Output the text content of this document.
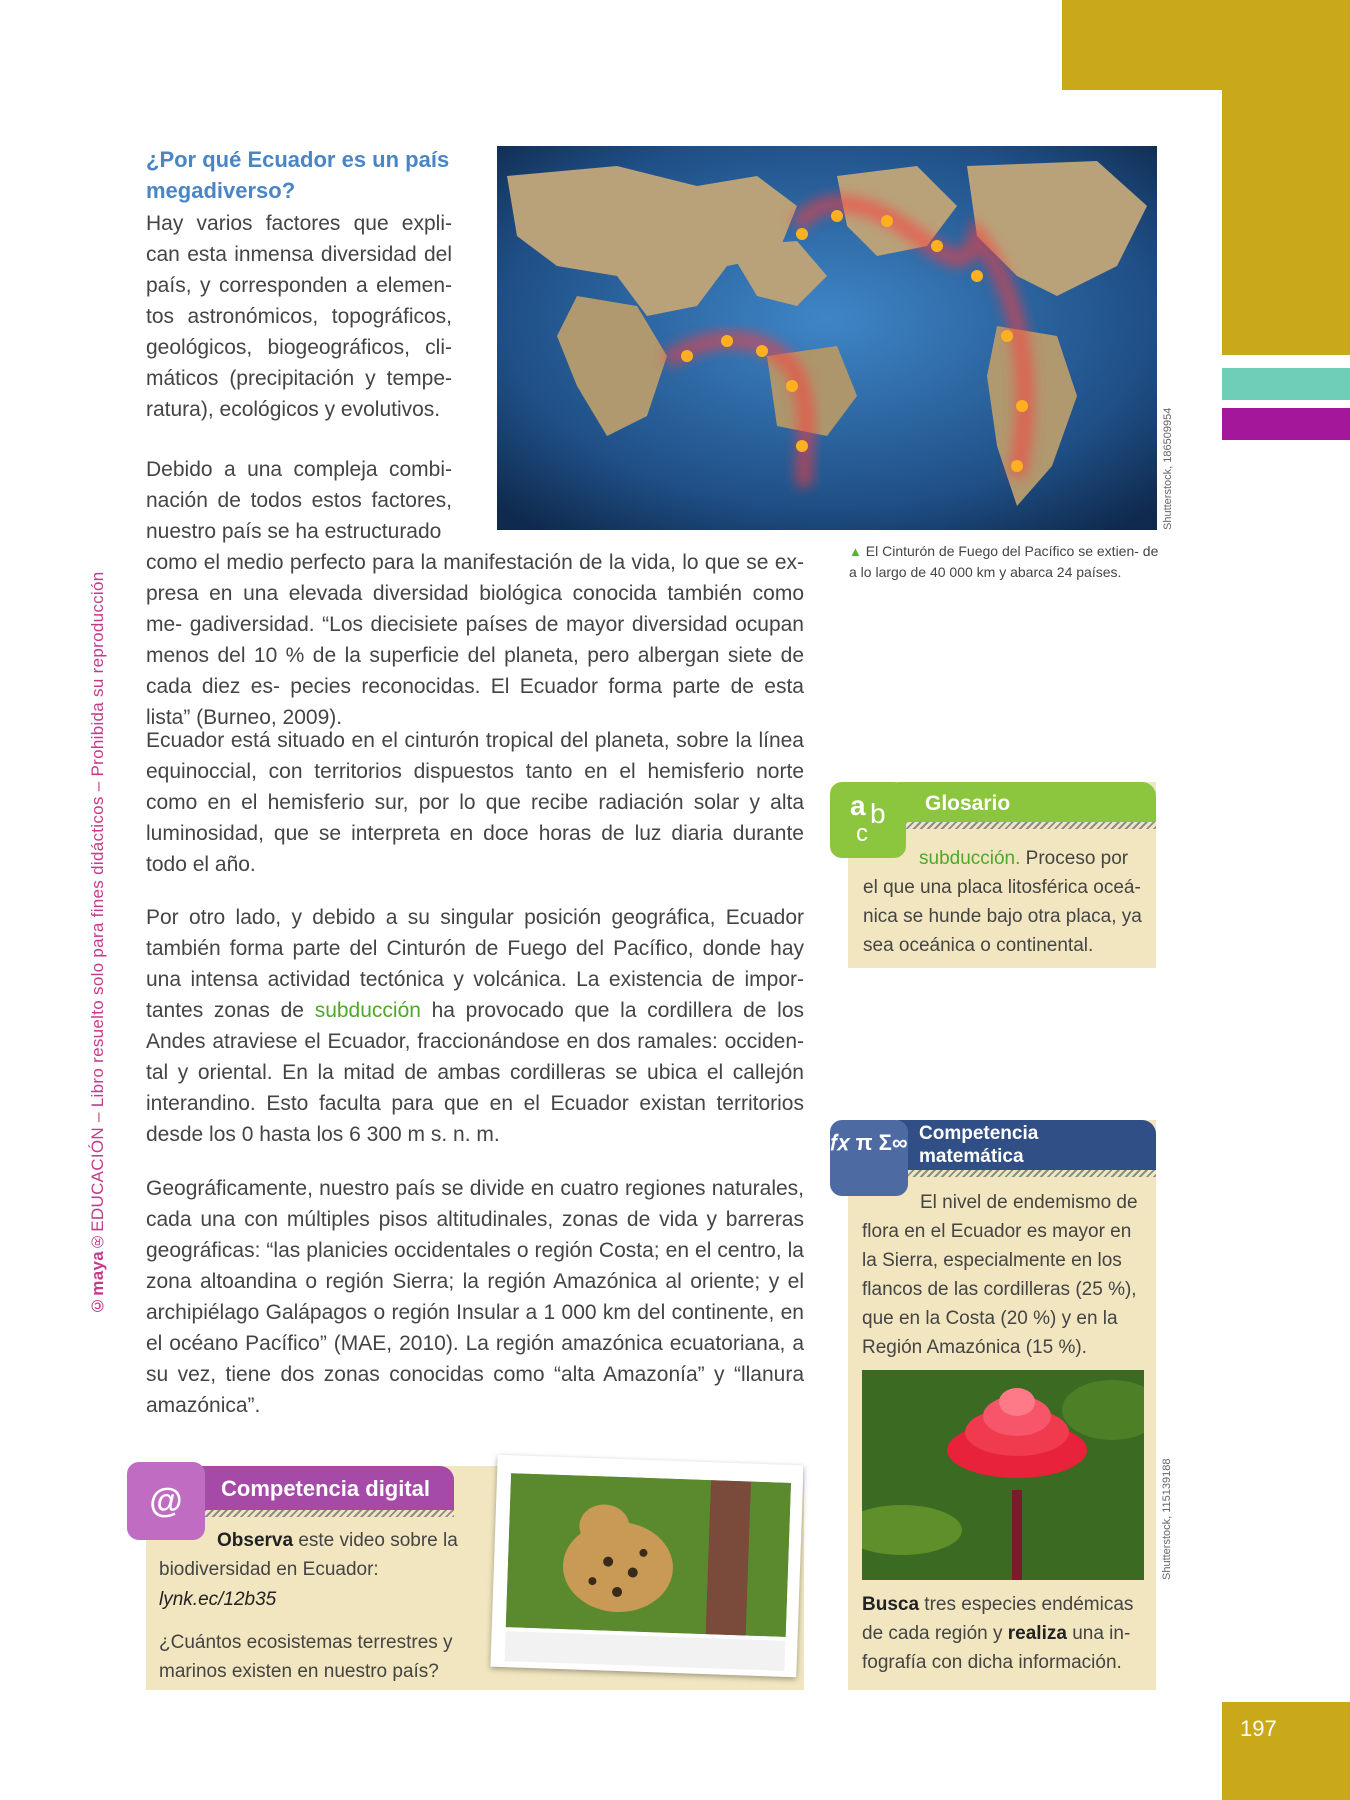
197
©maya®EDUCACIÓN – Libro resuelto solo para fines didácticos – Prohibida su reproducción
¿Por qué Ecuador es un país
megadiverso?

Hay varios factores que expli- can esta inmensa diversidad del país, y corresponden a elemen- tos astronómicos, topográficos, geológicos, biogeográficos, cli- máticos (precipitación y tempe- ratura), ecológicos y evolutivos.

Debido a una compleja combi- nación de todos estos factores, nuestro país se ha estructurado

como el medio perfecto para la manifestación de la vida, lo que se ex- presa en una elevada diversidad biológica conocida también como me- gadiversidad. “Los diecisiete países de mayor diversidad ocupan menos del 10 % de la superficie del planeta, pero albergan siete de cada diez es- pecies reconocidas. El Ecuador forma parte de esta lista” (Burneo, 2009).

Shutterstock, 186509954
▲ El Cinturón de Fuego del Pacífico se extien- de a lo largo de 40 000 km y abarca 24 países.

Ecuador está situado en el cinturón tropical del planeta, sobre la línea equinoccial, con territorios dispuestos tanto en el hemisferio norte como en el hemisferio sur, por lo que recibe radiación solar y alta luminosidad, que se interpreta en doce horas de luz diaria durante todo el año.

Por otro lado, y debido a su singular posición geográfica, Ecuador también forma parte del Cinturón de Fuego del Pacífico, donde hay una intensa actividad tectónica y volcánica. La existencia de impor- tantes zonas de subducción ha provocado que la cordillera de los Andes atraviese el Ecuador, fraccionándose en dos ramales: occiden- tal y oriental. En la mitad de ambas cordilleras se ubica el callejón interandino. Esto faculta para que en el Ecuador existan territorios desde los 0 hasta los 6 300 m s. n. m.

Geográficamente, nuestro país se divide en cuatro regiones naturales, cada una con múltiples pisos altitudinales, zonas de vida y barreras geográficas: “las planicies occidentales o región Costa; en el centro, la zona altoandina o región Sierra; la región Amazónica al oriente; y el archipiélago Galápagos o región Insular a 1 000 km del continente, en el océano Pacífico” (MAE, 2010). La región amazónica ecuatoriana, a su vez, tiene dos zonas conocidas como “alta Amazonía” y “llanura amazónica”.

Glosario
a b
c

subducción. Proceso por el que una placa litosférica oceá- nica se hunde bajo otra placa, ya sea oceánica o continental.

Competencia
matemática
𝑓𝑥 π Σ∞

El nivel de endemismo de flora en el Ecuador es mayor en la Sierra, especialmente en los flancos de las cordilleras (25 %), que en la Costa (20 %) y en la Región Amazónica (15 %).

Shutterstock, 115139188

Busca tres especies endémicas de cada región y realiza una in- fografía con dicha información.

Competencia digital
@

Observa este video sobre la biodiversidad en Ecuador:

lynk.ec/12b35

¿Cuántos ecosistemas terrestres y marinos existen en nuestro país?
